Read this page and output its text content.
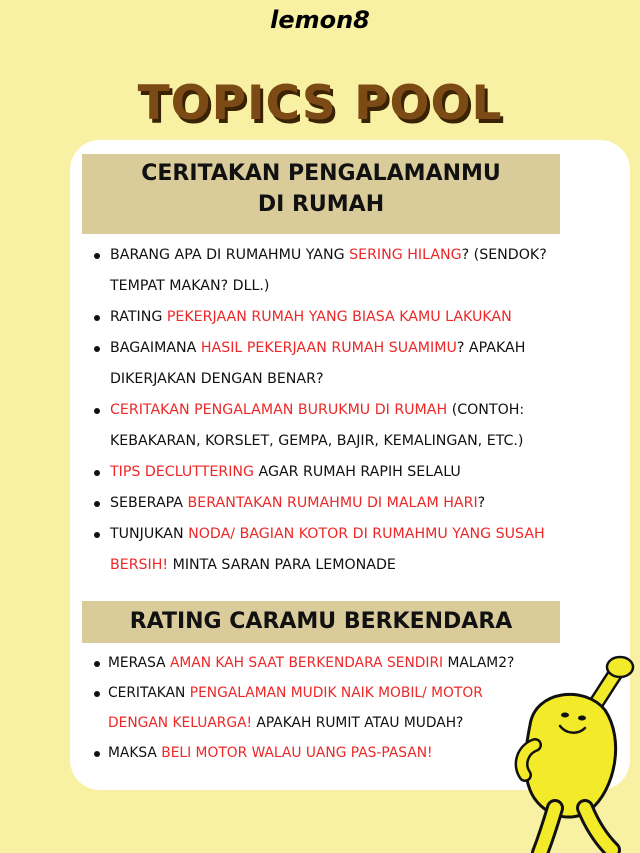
lemon8
TOPICS POOL
CERITAKAN PENGALAMANMU
DI RUMAH
BARANG APA DI RUMAHMU YANG SERING HILANG? (SENDOK? TEMPAT MAKAN? DLL.)
RATING PEKERJAAN RUMAH YANG BIASA KAMU LAKUKAN
BAGAIMANA HASIL PEKERJAAN RUMAH SUAMIMU? APAKAH DIKERJAKAN DENGAN BENAR?
CERITAKAN PENGALAMAN BURUKMU DI RUMAH (CONTOH: KEBAKARAN, KORSLET, GEMPA, BAJIR, KEMALINGAN, ETC.)
TIPS DECLUTTERING AGAR RUMAH RAPIH SELALU
SEBERAPA BERANTAKAN RUMAHMU DI MALAM HARI?
TUNJUKAN NODA/ BAGIAN KOTOR DI RUMAHMU YANG SUSAH BERSIH! MINTA SARAN PARA LEMONADE
RATING CARAMU BERKENDARA
MERASA AMAN KAH SAAT BERKENDARA SENDIRI MALAM2?
CERITAKAN PENGALAMAN MUDIK NAIK MOBIL/ MOTOR DENGAN KELUARGA! APAKAH RUMIT ATAU MUDAH?
MAKSA BELI MOTOR WALAU UANG PAS-PASAN!
